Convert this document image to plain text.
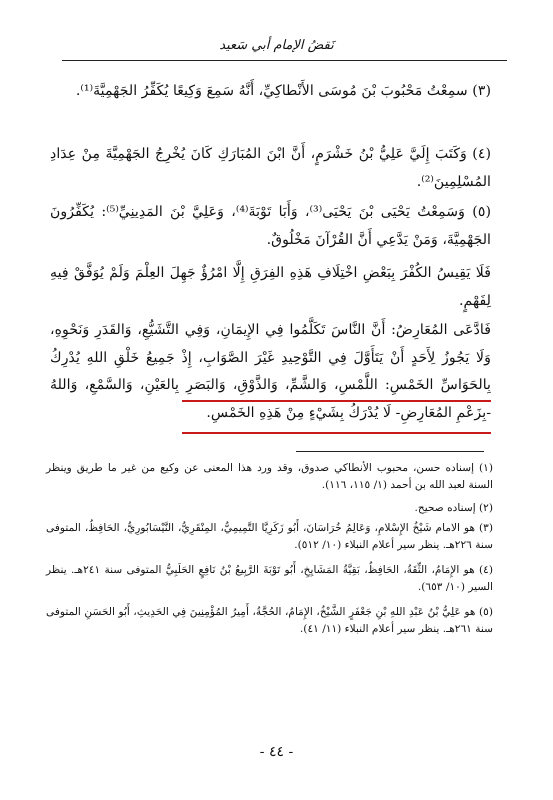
نَقضُ الإمام أبي سَعيد

(٣) سمِعْتُ مَحْبُوبَ بْنَ مُوسَى الأَنْطاكِيِّ، أَنَّهُ سَمِعَ وَكِيعًا يُكَفِّرُ الجَهْمِيَّةَ⁽¹⁾.

(٤) وَكَتَبَ إِلَيَّ عَلِيُّ بْنُ خَشْرَمٍ، أَنَّ ابْنَ المُبَارَكِ كَانَ يُخْرِجُ الجَهْمِيَّةَ مِنْ عِدَادِ المُسْلِمِينَ⁽²⁾.

(٥) وَسَمِعْتُ يَحْيَى بْنَ يَحْيَى⁽³⁾، وَأَبَا تَوْبَةَ⁽⁴⁾، وَعَلِيَّ بْنَ المَدِينِيِّ⁽⁵⁾: يُكَفِّرُونَ الجَهْمِيَّةَ، وَمَنْ يَدَّعِي أَنَّ القُرْآنَ مَخْلُوقٌ.

فَلَا يَقِيسُ الكُفْرَ بِبَعْضِ اخْتِلَافِ هَذِهِ الفِرَقِ إِلَّا امْرُؤٌ جَهِلَ العِلْمَ وَلَمْ يُوَفَّقْ فِيهِ لِفَهْمٍ.

فَادَّعَى المُعَارِضُ: أَنَّ النَّاسَ تَكَلَّمُوا فِي الإِيمَانِ، وَفِي التَّشَيُّعِ، وَالقَدَرِ وَنَحْوِهِ، وَلَا يَجُوزُ لِأَحَدٍ أَنْ يَتَأَوَّلَ فِي التَّوْحِيدِ غَيْرَ الصَّوَابِ، إِذْ جَمِيعُ خَلْقِ اللهِ يُدْرِكُ بِالحَوَاسِّ الخَمْسِ: اللَّمْسِ، وَالشَّمِّ، وَالذَّوْقِ، وَالبَصَرِ بِالعَيْنِ، وَالسَّمْعِ، وَاللهُ -بِزَعْمِ المُعَارِضِ- لَا يُدْرَكُ بِشَيْءٍ مِنْ هَذِهِ الخَمْسِ.

(١) إسناده حسن، محبوب الأنطاكي صدوق، وقد ورد هذا المعنى عن وكيع من غير ما طريق وينظر السنة لعبد الله بن أحمد (١/ ١١٥، ١١٦).

(٢) إسناده صحيح.

(٣) هو الامام شَيْخُ الإِسْلامِ، وَعَالِمُ خُرَاسَانَ، أَبُو زَكَرِيَّا التَّمِيمِيُّ، المِنْقَرِيُّ، النَّيْسَابُورِيُّ، الحَافِظُ، المتوفى سنة ٢٢٦هـ. ينظر سير أعلام النبلاء (١٠/ ٥١٢).

(٤) هو الإِمَامُ، الثِّقَةُ، الحَافِظُ، بَقِيَّةُ المَشَايِخِ، أَبُو تَوْبَةَ الرَّبِيعُ بْنُ نَافِعٍ الحَلَبِيُّ المتوفى سنة ٢٤١هـ. ينظر السير (١٠/ ٦٥٣).

(٥) هو عَلِيُّ بْنُ عَبْدِ اللهِ بْنِ جَعْفَرٍ الشَّيْخُ، الإِمَامُ، الحُجَّةُ، أَمِيرُ المُؤْمِنِينَ فِي الحَدِيثِ، أَبُو الحَسَنِ المتوفى سنة ٢٦١هـ. ينظر سير أعلام النبلاء (١١/ ٤١).

- ٤٤ -
